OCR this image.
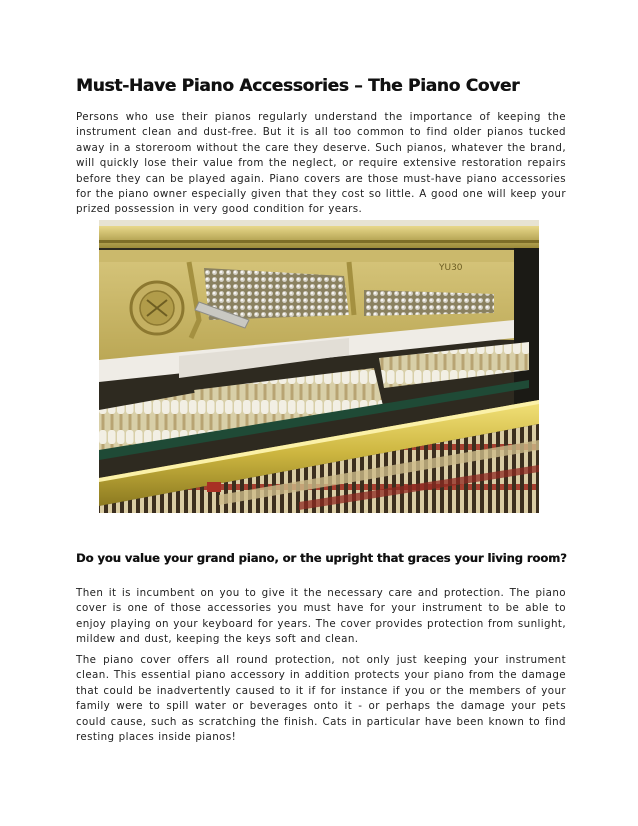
Must-Have Piano Accessories – The Piano Cover

Persons who use their pianos regularly understand the importance of keeping the instrument clean and dust-free. But it is all too common to find older pianos tucked away in a storeroom without the care they deserve. Such pianos, whatever the brand, will quickly lose their value from the neglect, or require extensive restoration repairs before they can be played again. Piano covers are those must-have piano accessories for the piano owner especially given that they cost so little. A good one will keep your prized possession in very good condition for years.

YU30
Do you value your grand piano, or the upright that graces your living room?

Then it is incumbent on you to give it the necessary care and protection. The piano cover is one of those accessories you must have for your instrument to be able to enjoy playing on your keyboard for years. The cover provides protection from sunlight, mildew and dust, keeping the keys soft and clean.

The piano cover offers all round protection, not only just keeping your instrument clean. This essential piano accessory in addition protects your piano from the damage that could be inadvertently caused to it if for instance if you or the members of your family were to spill water or beverages onto it - or perhaps the damage your pets could cause, such as scratching the finish. Cats in particular have been known to find resting places inside pianos!
